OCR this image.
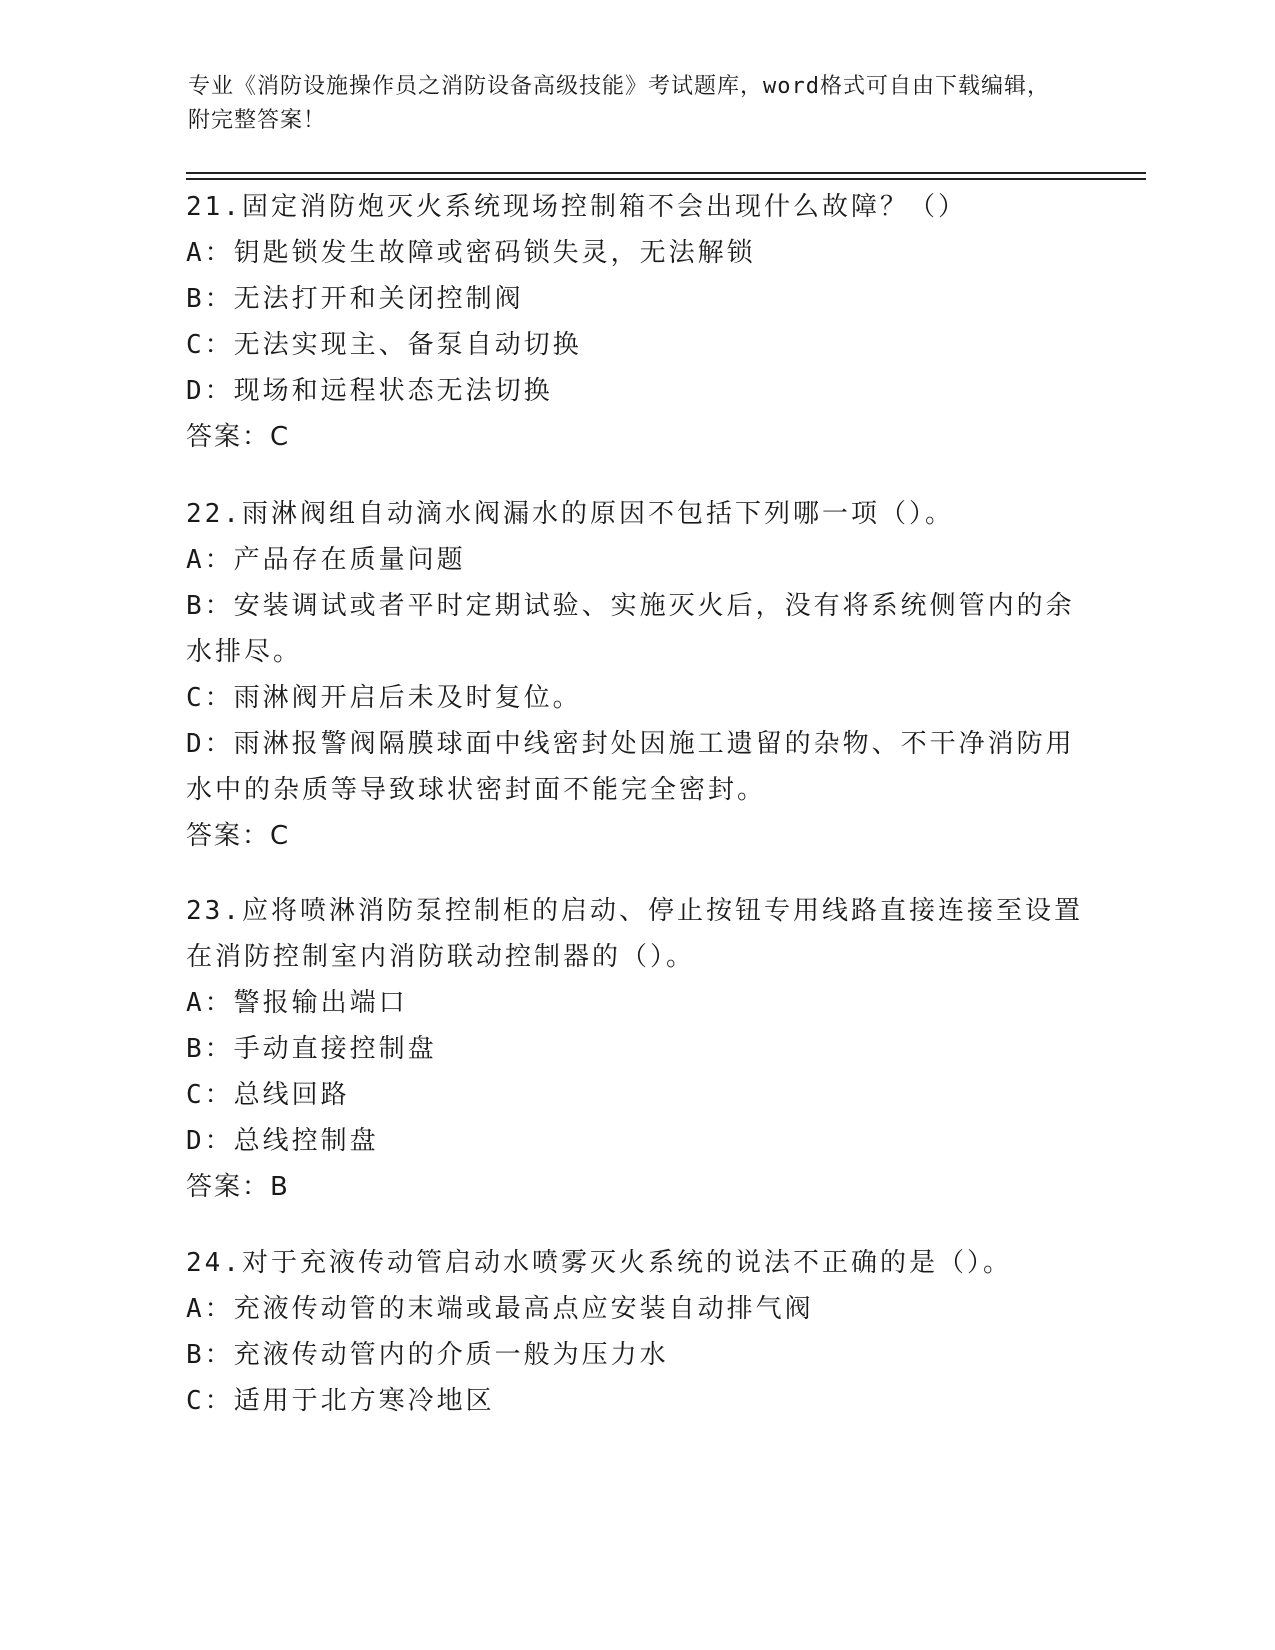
专业《消防设施操作员之消防设备高级技能》考试题库，word格式可自由下载编辑，附完整答案！

21.固定消防炮灭火系统现场控制箱不会出现什么故障？（）

A：钥匙锁发生故障或密码锁失灵，无法解锁

B：无法打开和关闭控制阀

C：无法实现主、备泵自动切换

D：现场和远程状态无法切换

答案：C

22.雨淋阀组自动滴水阀漏水的原因不包括下列哪一项（）。

A：产品存在质量问题

B：安装调试或者平时定期试验、实施灭火后，没有将系统侧管内的余水排尽。

C：雨淋阀开启后未及时复位。

D：雨淋报警阀隔膜球面中线密封处因施工遗留的杂物、不干净消防用水中的杂质等导致球状密封面不能完全密封。

答案：C

23.应将喷淋消防泵控制柜的启动、停止按钮专用线路直接连接至设置在消防控制室内消防联动控制器的（）。

A：警报输出端口

B：手动直接控制盘

C：总线回路

D：总线控制盘

答案：B

24.对于充液传动管启动水喷雾灭火系统的说法不正确的是（）。

A：充液传动管的末端或最高点应安装自动排气阀

B：充液传动管内的介质一般为压力水

C：适用于北方寒冷地区
